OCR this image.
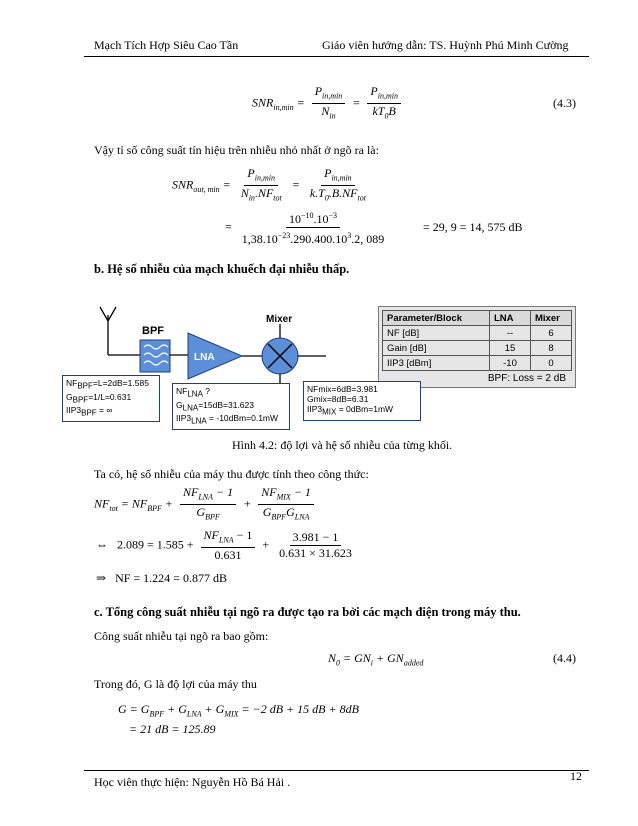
Mạch Tích Hợp Siêu Cao Tần	Giáo viên hướng dẫn: TS. Huỳnh Phú Minh Cường
$SNR_{in,min} = \frac{P_{in,min}}{N_{in}} = \frac{P_{in,min}}{kT_0B}$	(4.3)
Vậy tỉ số công suất tín hiệu trên nhiễu nhỏ nhất ở ngõ ra là:
$SNR_{out, min} = \frac{P_{in,min}}{N_{in}.NF_{tot}} = \frac{P_{in,min}}{k.T_0.B.NF_{tot}}$
= $\frac{10^{-10}.10^{-3}}{1,38.10^{-23}.290.400.10^3.2, 089}$	= 29, 9 = 14, 575 dB
b. Hệ số nhiễu của mạch khuếch đại nhiễu thấp.
BPF
LNA
Mixer	Parameter/Block	LNA	Mixer
NF [dB]	--	6
Gain [dB]	15	8
IIP3 [dBm]	-10	0
BPF: Loss = 2 dB
$NF_{BPF}=L=2dB=1.585$
$G_{BPF}=1/L=0.631$
$IIP3_{BPF}$ = ∞
$NF_{LNA}$ ?
$G_{LNA}=15dB=31.623$
$IIP3_{LNA} = -10dBm=0.1mW$
NFmix=6dB=3.981
Gmix=8dB=6.31
$IIP3_{MIX} = 0dBm=1mW$
Hình 4.2: độ lợi và hệ số nhiễu của từng khối.
Ta có, hệ số nhiễu của máy thu được tính theo công thức:
$NF_{tot} = NF_{BPF} + \frac{NF_{LNA} - 1}{G_{BPF}} + \frac{NF_{MIX} - 1}{G_{BPF}G_{LNA}}$
⇔   $2.089 = 1.585 + \frac{NF_{LNA} - 1}{0.631} + \frac{3.981 - 1}{0.631 \times 31.623}$
⇒   NF = 1.224 = 0.877 dB
c. Tổng công suất nhiễu tại ngõ ra được tạo ra bởi các mạch điện trong máy thu.
Công suất nhiễu tại ngõ ra bao gồm:
$N_0 = GN_i + GN_{added}$	(4.4)
Trong đó, G là độ lợi của máy thu
$G = G_{BPF} + G_{LNA} + G_{MIX} = -2$ dB + 15 dB + 8dB
= 21 dB = 125.89
Học viên thực hiện: Nguyễn Hồ Bá Hải .	12
